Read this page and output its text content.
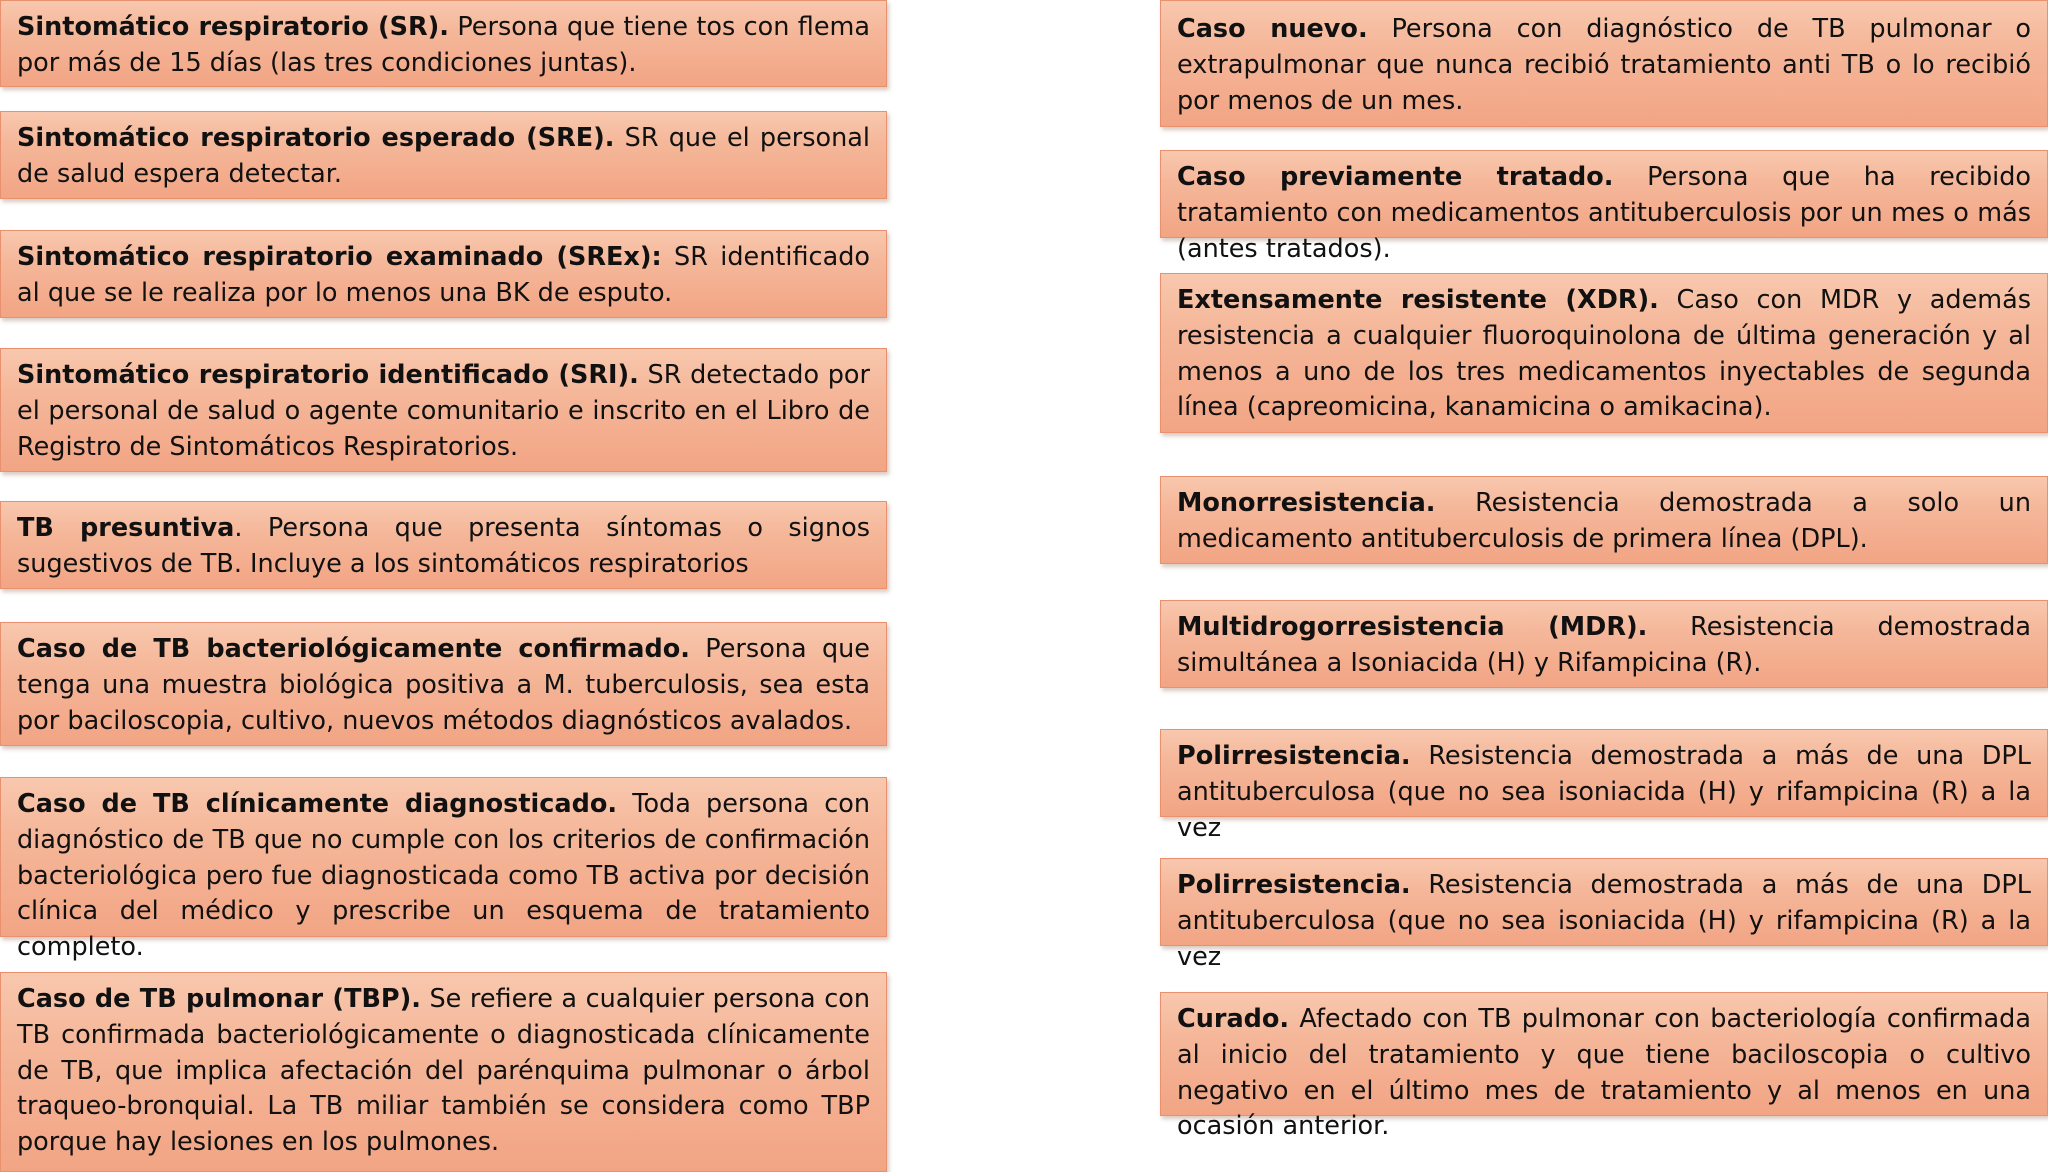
Sintomático respiratorio (SR). Persona que tiene tos con flema por más de 15 días (las tres condiciones juntas).
Sintomático respiratorio esperado (SRE). SR que el personal de salud espera detectar.
Sintomático respiratorio examinado (SREx): SR identificado al que se le realiza por lo menos una BK de esputo.
Sintomático respiratorio identificado (SRI). SR detectado por el personal de salud o agente comunitario e inscrito en el Libro de Registro de Sintomáticos Respiratorios.
TB presuntiva. Persona que presenta síntomas o signos sugestivos de TB. Incluye a los sintomáticos respiratorios
Caso de TB bacteriológicamente confirmado. Persona que tenga una muestra biológica positiva a M. tuberculosis, sea esta por baciloscopia, cultivo, nuevos métodos diagnósticos avalados.
Caso de TB clínicamente diagnosticado. Toda persona con diagnóstico de TB que no cumple con los criterios de confirmación bacteriológica pero fue diagnosticada como TB activa por decisión clínica del médico y prescribe un esquema de tratamiento completo.
Caso de TB pulmonar (TBP). Se refiere a cualquier persona con TB confirmada bacteriológicamente o diagnosticada clínicamente de TB, que implica afectación del parénquima pulmonar o árbol traqueo-bronquial. La TB miliar también se considera como TBP porque hay lesiones en los pulmones.
Caso nuevo. Persona con diagnóstico de TB pulmonar o extrapulmonar que nunca recibió tratamiento anti TB o lo recibió por menos de un mes.
Caso previamente tratado. Persona que ha recibido tratamiento con medicamentos antituberculosis por un mes o más (antes tratados).
Extensamente resistente (XDR). Caso con MDR y además resistencia a cualquier fluoroquinolona de última generación y al menos a uno de los tres medicamentos inyectables de segunda línea (capreomicina, kanamicina o amikacina).
Monorresistencia. Resistencia demostrada a solo un medicamento antituberculosis de primera línea (DPL).
Multidrogorresistencia (MDR). Resistencia demostrada simultánea a Isoniacida (H) y Rifampicina (R).
Polirresistencia. Resistencia demostrada a más de una DPL antituberculosa (que no sea isoniacida (H) y rifampicina (R) a la vez
Polirresistencia. Resistencia demostrada a más de una DPL antituberculosa (que no sea isoniacida (H) y rifampicina (R) a la vez
Curado. Afectado con TB pulmonar con bacteriología confirmada al inicio del tratamiento y que tiene baciloscopia o cultivo negativo en el último mes de tratamiento y al menos en una ocasión anterior.
